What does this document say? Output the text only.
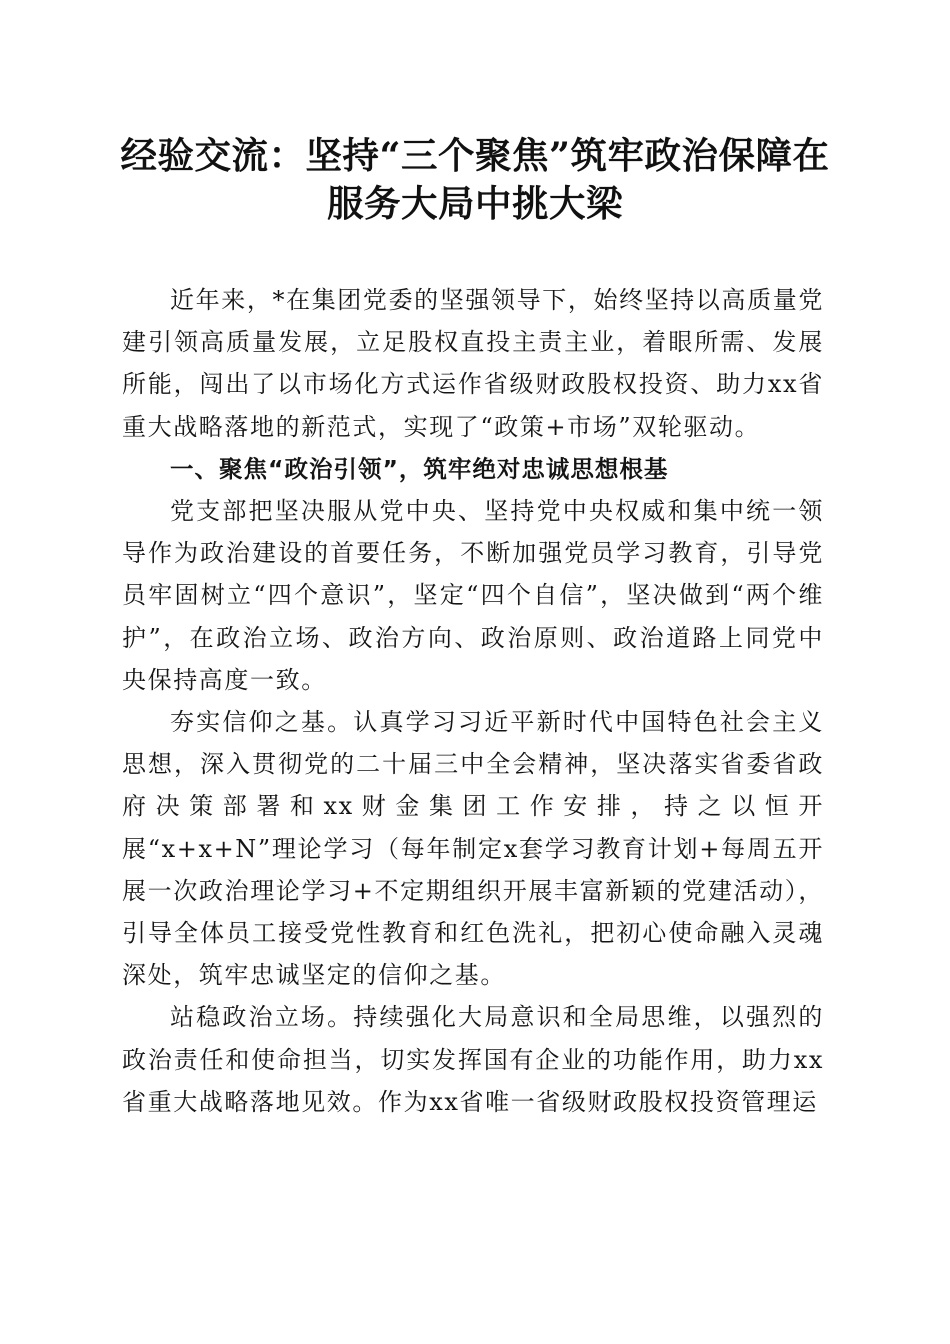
经验交流：坚持“三个聚焦”筑牢政治保障在
服务大局中挑大梁

近年来，*在集团党委的坚强领导下，始终坚持以高质量党建引领高质量发展，立足股权直投主责主业，着眼所需、发展所能，闯出了以市场化方式运作省级财政股权投资、助力xx省重大战略落地的新范式，实现了“政策+市场”双轮驱动。

一、聚焦“政治引领”，筑牢绝对忠诚思想根基

党支部把坚决服从党中央、坚持党中央权威和集中统一领导作为政治建设的首要任务，不断加强党员学习教育，引导党员牢固树立“四个意识”，坚定“四个自信”，坚决做到“两个维护”，在政治立场、政治方向、政治原则、政治道路上同党中央保持高度一致。

夯实信仰之基。认真学习习近平新时代中国特色社会主义思想，深入贯彻党的二十届三中全会精神，坚决落实省委省政府决策部署和xx财金集团工作安排，持之以恒开展“x+x+N”理论学习（每年制定x套学习教育计划+每周五开展一次政治理论学习+不定期组织开展丰富新颖的党建活动），引导全体员工接受党性教育和红色洗礼，把初心使命融入灵魂深处，筑牢忠诚坚定的信仰之基。

站稳政治立场。持续强化大局意识和全局思维，以强烈的政治责任和使命担当，切实发挥国有企业的功能作用，助力xx省重大战略落地见效。作为xx省唯一省级财政股权投资管理运
